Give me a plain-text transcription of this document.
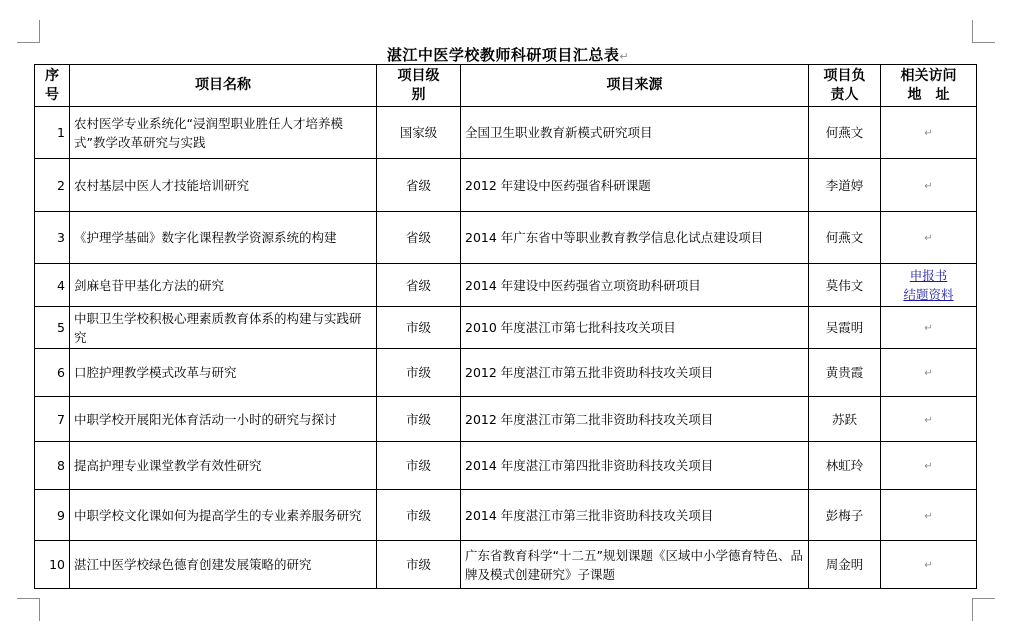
湛江中医学校教师科研项目汇总表↵
序号	项目名称	项目级别	项目来源	项目负责人	相关访问地　址
1	农村医学专业系统化“浸润型职业胜任人才培养模式”教学改革研究与实践	国家级	全国卫生职业教育新模式研究项目	何燕文	↵
2	农村基层中医人才技能培训研究	省级	2012 年建设中医药强省科研课题	李道婷	↵
3	《护理学基础》数字化课程教学资源系统的构建	省级	2014 年广东省中等职业教育教学信息化试点建设项目	何燕文	↵
4	剑麻皂苷甲基化方法的研究	省级	2014 年建设中医药强省立项资助科研项目	莫伟文	申报书
结题资料

5	中职卫生学校积极心理素质教育体系的构建与实践研究	市级	2010 年度湛江市第七批科技攻关项目	吴霞明	↵
6	口腔护理教学模式改革与研究	市级	2012 年度湛江市第五批非资助科技攻关项目	黄贵霞	↵
7	中职学校开展阳光体育活动一小时的研究与探讨	市级	2012 年度湛江市第二批非资助科技攻关项目	苏跃	↵
8	提高护理专业课堂教学有效性研究	市级	2014 年度湛江市第四批非资助科技攻关项目	林虹玲	↵
9	中职学校文化课如何为提高学生的专业素养服务研究	市级	2014 年度湛江市第三批非资助科技攻关项目	彭梅子	↵
10	湛江中医学校绿色德育创建发展策略的研究	市级	广东省教育科学“十二五”规划课题《区域中小学德育特色、品牌及模式创建研究》子课题	周金明	↵
